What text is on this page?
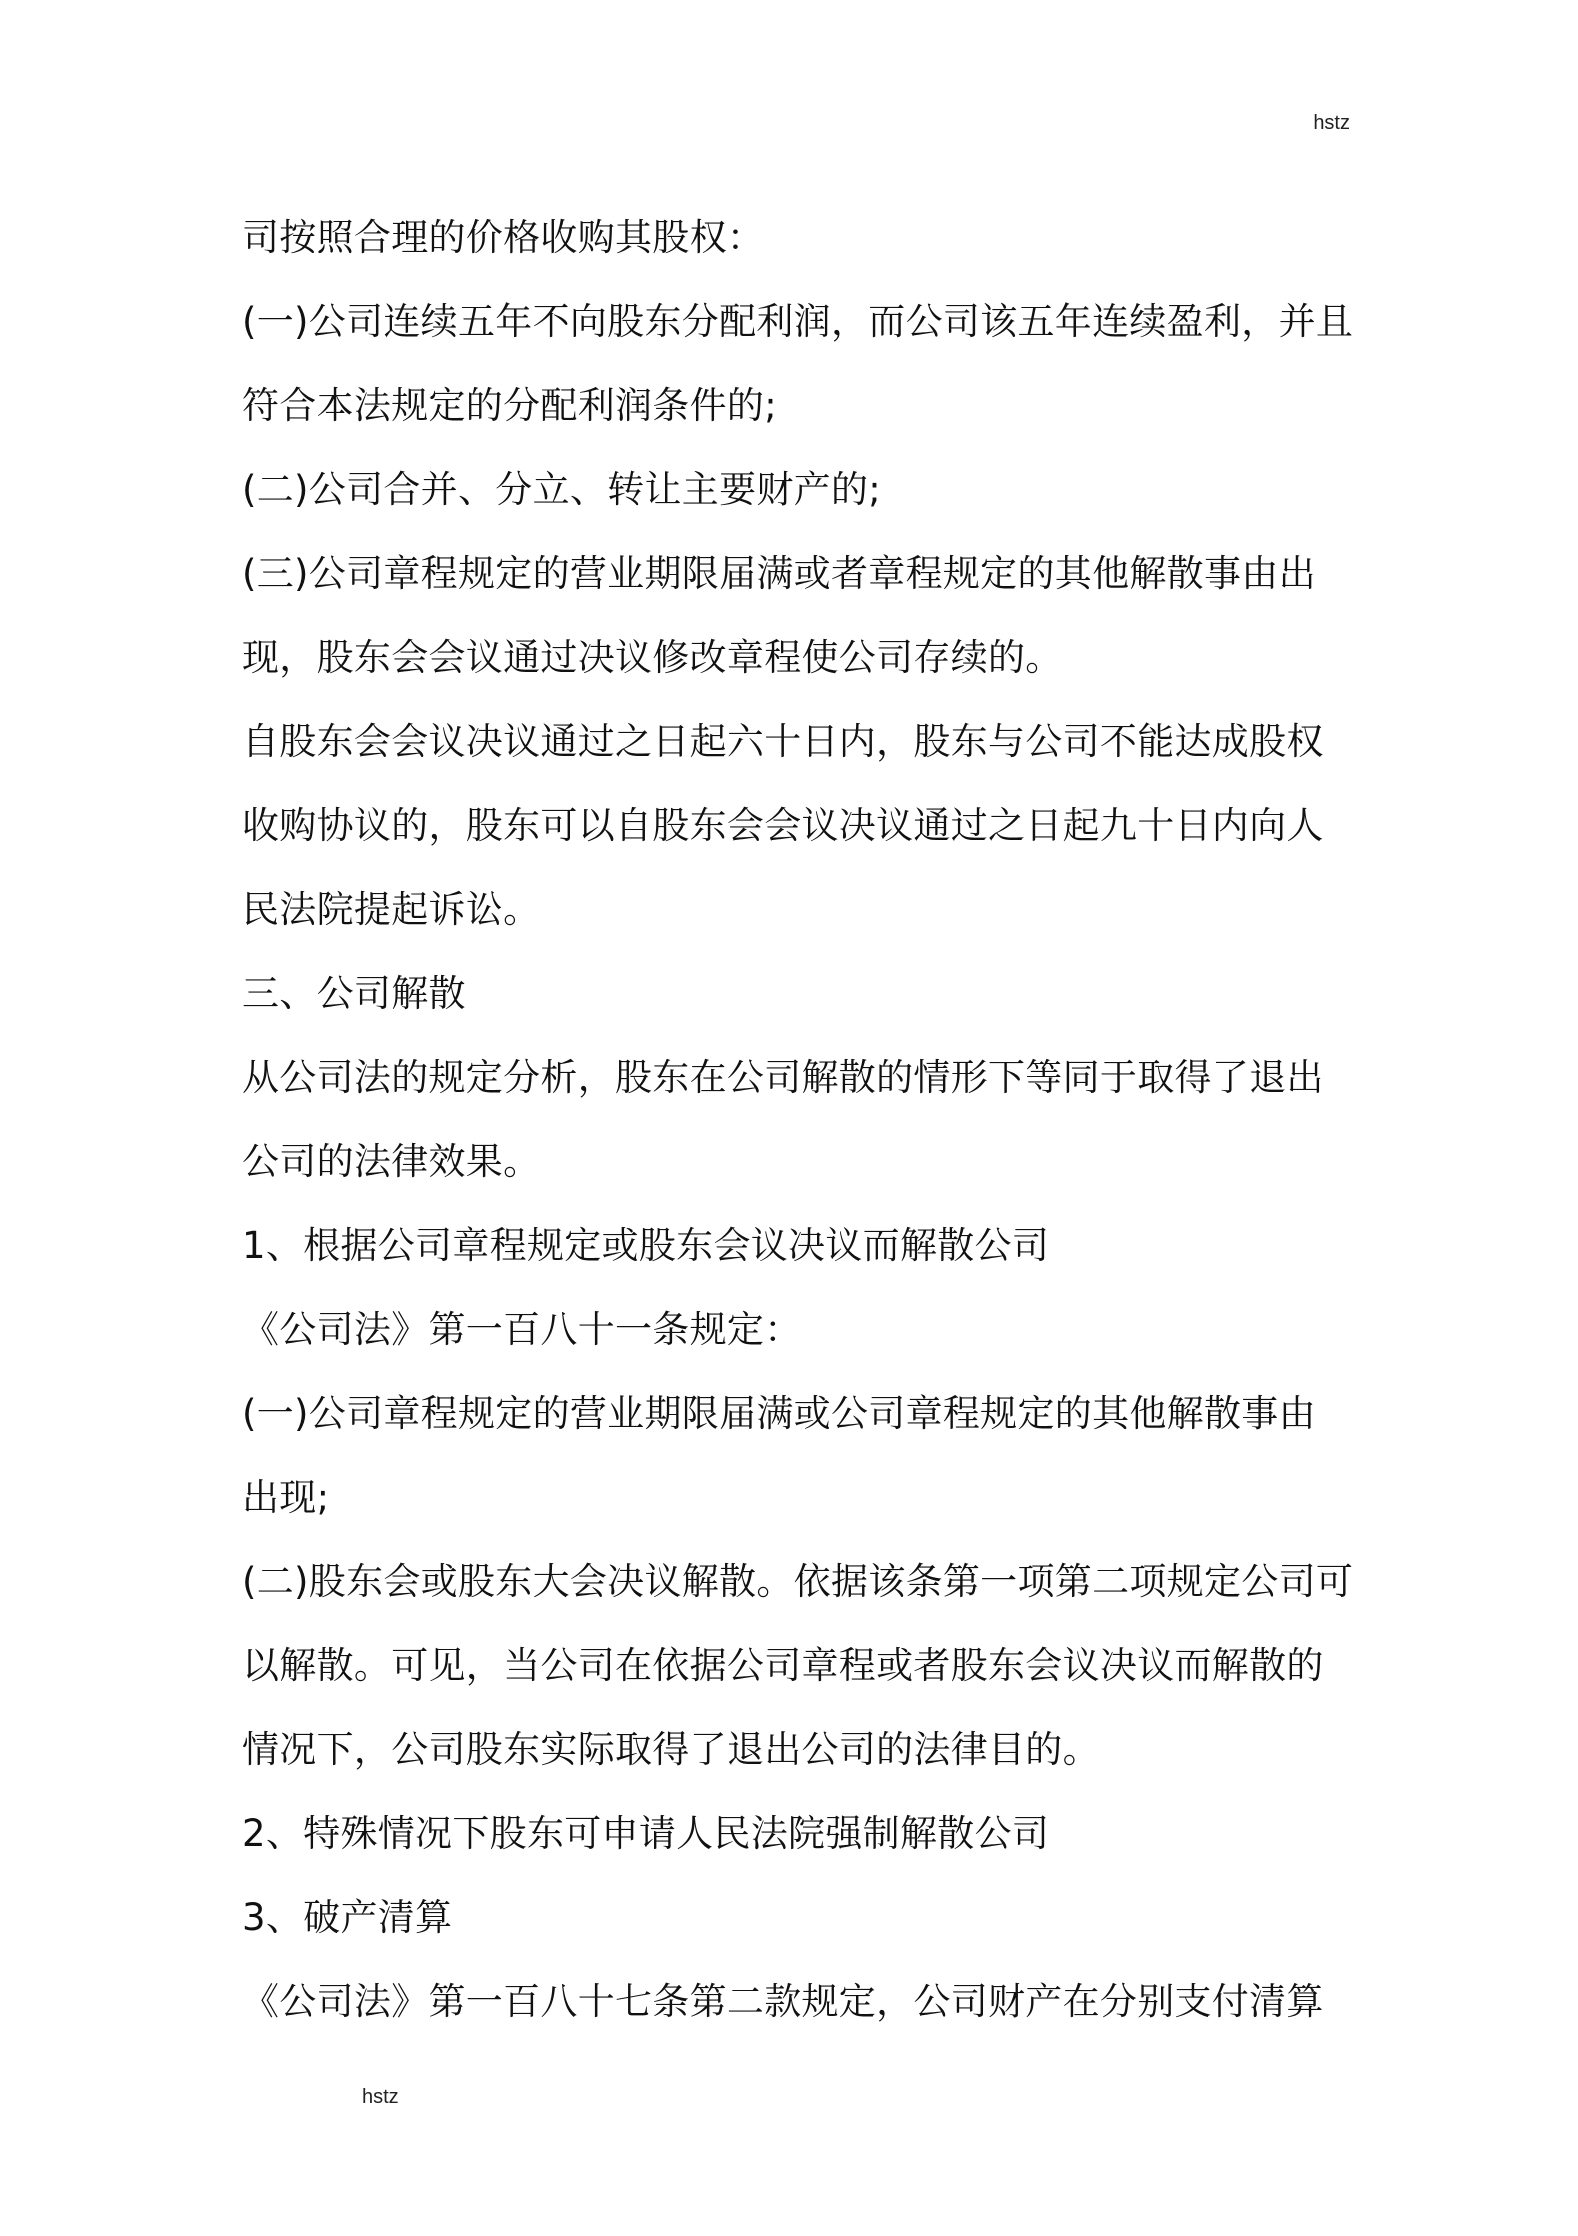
hstz
司按照合理的价格收购其股权：
(一)公司连续五年不向股东分配利润，而公司该五年连续盈利，并且
符合本法规定的分配利润条件的;
(二)公司合并、分立、转让主要财产的;
(三)公司章程规定的营业期限届满或者章程规定的其他解散事由出
现，股东会会议通过决议修改章程使公司存续的。
自股东会会议决议通过之日起六十日内，股东与公司不能达成股权
收购协议的，股东可以自股东会会议决议通过之日起九十日内向人
民法院提起诉讼。
三、公司解散
从公司法的规定分析，股东在公司解散的情形下等同于取得了退出
公司的法律效果。
1、根据公司章程规定或股东会议决议而解散公司
《公司法》第一百八十一条规定：
(一)公司章程规定的营业期限届满或公司章程规定的其他解散事由
出现;
(二)股东会或股东大会决议解散。依据该条第一项第二项规定公司可
以解散。可见，当公司在依据公司章程或者股东会议决议而解散的
情况下，公司股东实际取得了退出公司的法律目的。
2、特殊情况下股东可申请人民法院强制解散公司
3、破产清算
《公司法》第一百八十七条第二款规定，公司财产在分别支付清算
hstz
